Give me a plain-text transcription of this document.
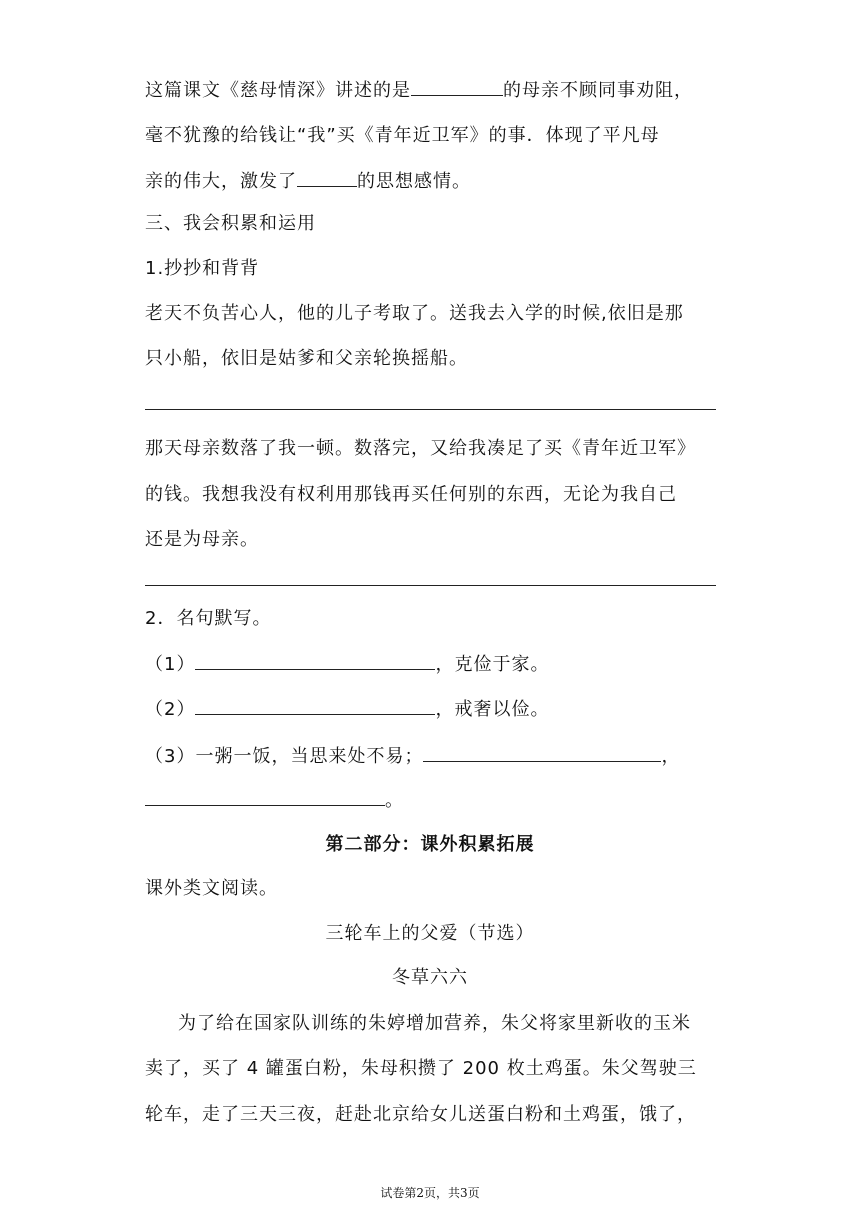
这篇课文《慈母情深》讲述的是	的母亲不顾同事劝阻，
毫不犹豫的给钱让“我”买《青年近卫军》的事．体现了平凡母
亲的伟大，激发了	的思想感情。
三、我会积累和运用
1.抄抄和背背
老天不负苦心人，他的儿子考取了。送我去入学的时候,依旧是那
只小船，依旧是姑爹和父亲轮换摇船。
那天母亲数落了我一顿。数落完，又给我凑足了买《青年近卫军》
的钱。我想我没有权利用那钱再买任何别的东西，无论为我自己
还是为母亲。
2．名句默写。
（1）	，克俭于家。
（2）	，戒奢以俭。
（3）一粥一饭，当思来处不易；	，
。
第二部分：课外积累拓展
课外类文阅读。
三轮车上的父爱（节选）
冬草六六
为了给在国家队训练的朱婷增加营养，朱父将家里新收的玉米
卖了，买了 4 罐蛋白粉，朱母积攒了 200 枚土鸡蛋。朱父驾驶三
轮车，走了三天三夜，赶赴北京给女儿送蛋白粉和土鸡蛋，饿了，
试卷第2页，共3页
